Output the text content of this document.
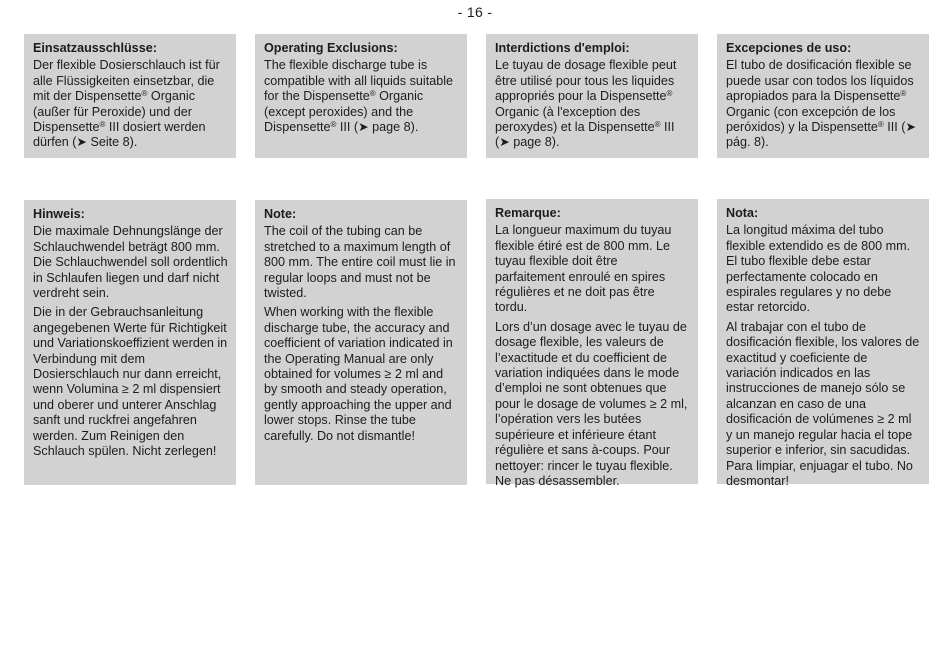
- 16 -
Einsatzausschlüsse:

Der flexible Dosierschlauch ist für alle Flüssigkeiten einsetzbar, die mit der Dispensette® Organic (außer für Peroxide) und der Dispensette® III dosiert werden dürfen (➤ Seite 8).

Operating Exclusions:

The flexible discharge tube is compatible with all liquids suitable for the Dispensette® Organic (except peroxides) and the Dispensette® III (➤ page 8).

Interdictions d'emploi:

Le tuyau de dosage flexible peut être utilisé pour tous les liquides appropriés pour la Dispensette® Organic (à l'exception des peroxydes) et la Dispensette® III (➤ page 8).

Excepciones de uso:

El tubo de dosificación flexible se puede usar con todos los líquidos apropiados para la Dispensette® Organic (con excepción de los peróxidos) y la Dispensette® III (➤ pág. 8).

Hinweis:

Die maximale Dehnungslänge der Schlauchwendel beträgt 800 mm. Die Schlauchwendel soll ordentlich in Schlaufen liegen und darf nicht verdreht sein.

Die in der Gebrauchsanleitung angegebenen Werte für Richtigkeit und Variationskoeffizient werden in Verbindung mit dem Dosierschlauch nur dann erreicht, wenn Volumina ≥ 2 ml dispensiert und oberer und unterer Anschlag sanft und ruckfrei angefahren werden. Zum Reinigen den Schlauch spülen. Nicht zerlegen!

Note:

The coil of the tubing can be stretched to a maximum length of 800 mm. The entire coil must lie in regular loops and must not be twisted.

When working with the flexible discharge tube, the accuracy and coefficient of variation indicated in the Operating Manual are only obtained for volumes ≥ 2 ml and by smooth and steady operation, gently approaching the upper and lower stops. Rinse the tube carefully. Do not dismantle!

Remarque:

La longueur maximum du tuyau flexible étiré est de 800 mm. Le tuyau flexible doit être parfaitement enroulé en spires régulières et ne doit pas être tordu.

Lors d’un dosage avec le tuyau de dosage flexible, les valeurs de l’exactitude et du coefficient de variation indiquées dans le mode d’emploi ne sont obtenues que pour le dosage de volumes ≥ 2 ml, l’opération vers les butées supérieure et inférieure étant régulière et sans à-coups. Pour nettoyer: rincer le tuyau flexible. Ne pas désassembler.

Nota:

La longitud máxima del tubo flexible extendido es de 800 mm. El tubo flexible debe estar perfectamente colocado en espirales regulares y no debe estar retorcido.

Al trabajar con el tubo de dosificación flexible, los valores de exactitud y coeficiente de variación indicados en las instrucciones de manejo sólo se alcanzan en caso de una dosificación de volúmenes ≥ 2 ml y un manejo regular hacia el tope superior e inferior, sin sacudidas. Para limpiar, enjuagar el tubo. No desmontar!
